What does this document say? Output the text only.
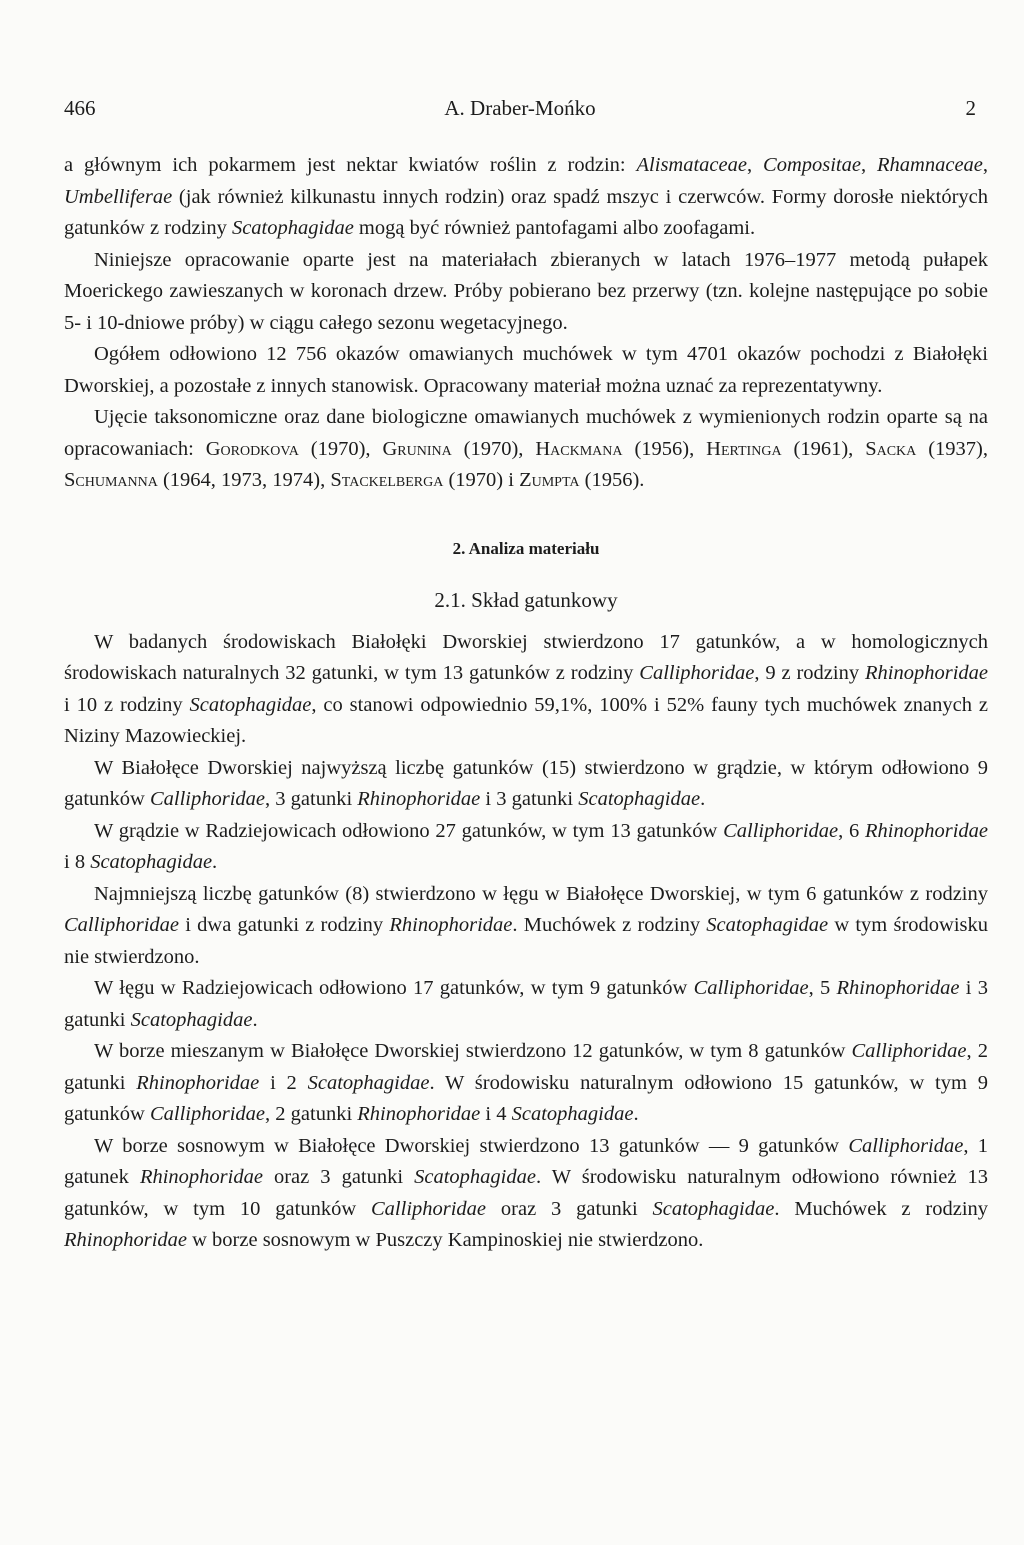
466	A. Draber-Mońko	2

a głównym ich pokarmem jest nektar kwiatów roślin z rodzin: Alismataceae, Compositae, Rhamnaceae, Umbelliferae (jak również kilkunastu innych rodzin) oraz spadź mszyc i czerwców. Formy dorosłe niektórych gatunków z rodziny Scatophagidae mogą być również pantofagami albo zoofagami.

Niniejsze opracowanie oparte jest na materiałach zbieranych w latach 1976–1977 metodą pułapek Moerickego zawieszanych w koronach drzew. Próby pobierano bez przerwy (tzn. kolejne następujące po sobie 5- i 10-dniowe próby) w ciągu całego sezonu wegetacyjnego.

Ogółem odłowiono 12 756 okazów omawianych muchówek w tym 4701 okazów pochodzi z Białołęki Dworskiej, a pozostałe z innych stanowisk. Opracowany materiał można uznać za reprezentatywny.

Ujęcie taksonomiczne oraz dane biologiczne omawianych muchówek z wymienionych rodzin oparte są na opracowaniach: Gorodkova (1970), Grunina (1970), Hackmana (1956), Hertinga (1961), Sacka (1937), Schumanna (1964, 1973, 1974), Stackelberga (1970) i Zumpta (1956).

2. Analiza materiału
2.1. Skład gatunkowy

W badanych środowiskach Białołęki Dworskiej stwierdzono 17 gatunków, a w homologicznych środowiskach naturalnych 32 gatunki, w tym 13 gatunków z rodziny Calliphoridae, 9 z rodziny Rhinophoridae i 10 z rodziny Scatophagidae, co stanowi odpowiednio 59,1%, 100% i 52% fauny tych muchówek znanych z Niziny Mazowieckiej.

W Białołęce Dworskiej najwyższą liczbę gatunków (15) stwierdzono w grądzie, w którym odłowiono 9 gatunków Calliphoridae, 3 gatunki Rhinophoridae i 3 gatunki Scatophagidae.

W grądzie w Radziejowicach odłowiono 27 gatunków, w tym 13 gatunków Calliphoridae, 6 Rhinophoridae i 8 Scatophagidae.

Najmniejszą liczbę gatunków (8) stwierdzono w łęgu w Białołęce Dworskiej, w tym 6 gatunków z rodziny Calliphoridae i dwa gatunki z rodziny Rhinophoridae. Muchówek z rodziny Scatophagidae w tym środowisku nie stwierdzono.

W łęgu w Radziejowicach odłowiono 17 gatunków, w tym 9 gatunków Calliphoridae, 5 Rhinophoridae i 3 gatunki Scatophagidae.

W borze mieszanym w Białołęce Dworskiej stwierdzono 12 gatunków, w tym 8 gatunków Calliphoridae, 2 gatunki Rhinophoridae i 2 Scatophagidae. W środowisku naturalnym odłowiono 15 gatunków, w tym 9 gatunków Calliphoridae, 2 gatunki Rhinophoridae i 4 Scatophagidae.

W borze sosnowym w Białołęce Dworskiej stwierdzono 13 gatunków — 9 gatunków Calliphoridae, 1 gatunek Rhinophoridae oraz 3 gatunki Scatophagidae. W środowisku naturalnym odłowiono również 13 gatunków, w tym 10 gatunków Calliphoridae oraz 3 gatunki Scatophagidae. Muchówek z rodziny Rhinophoridae w borze sosnowym w Puszczy Kampinoskiej nie stwierdzono.
